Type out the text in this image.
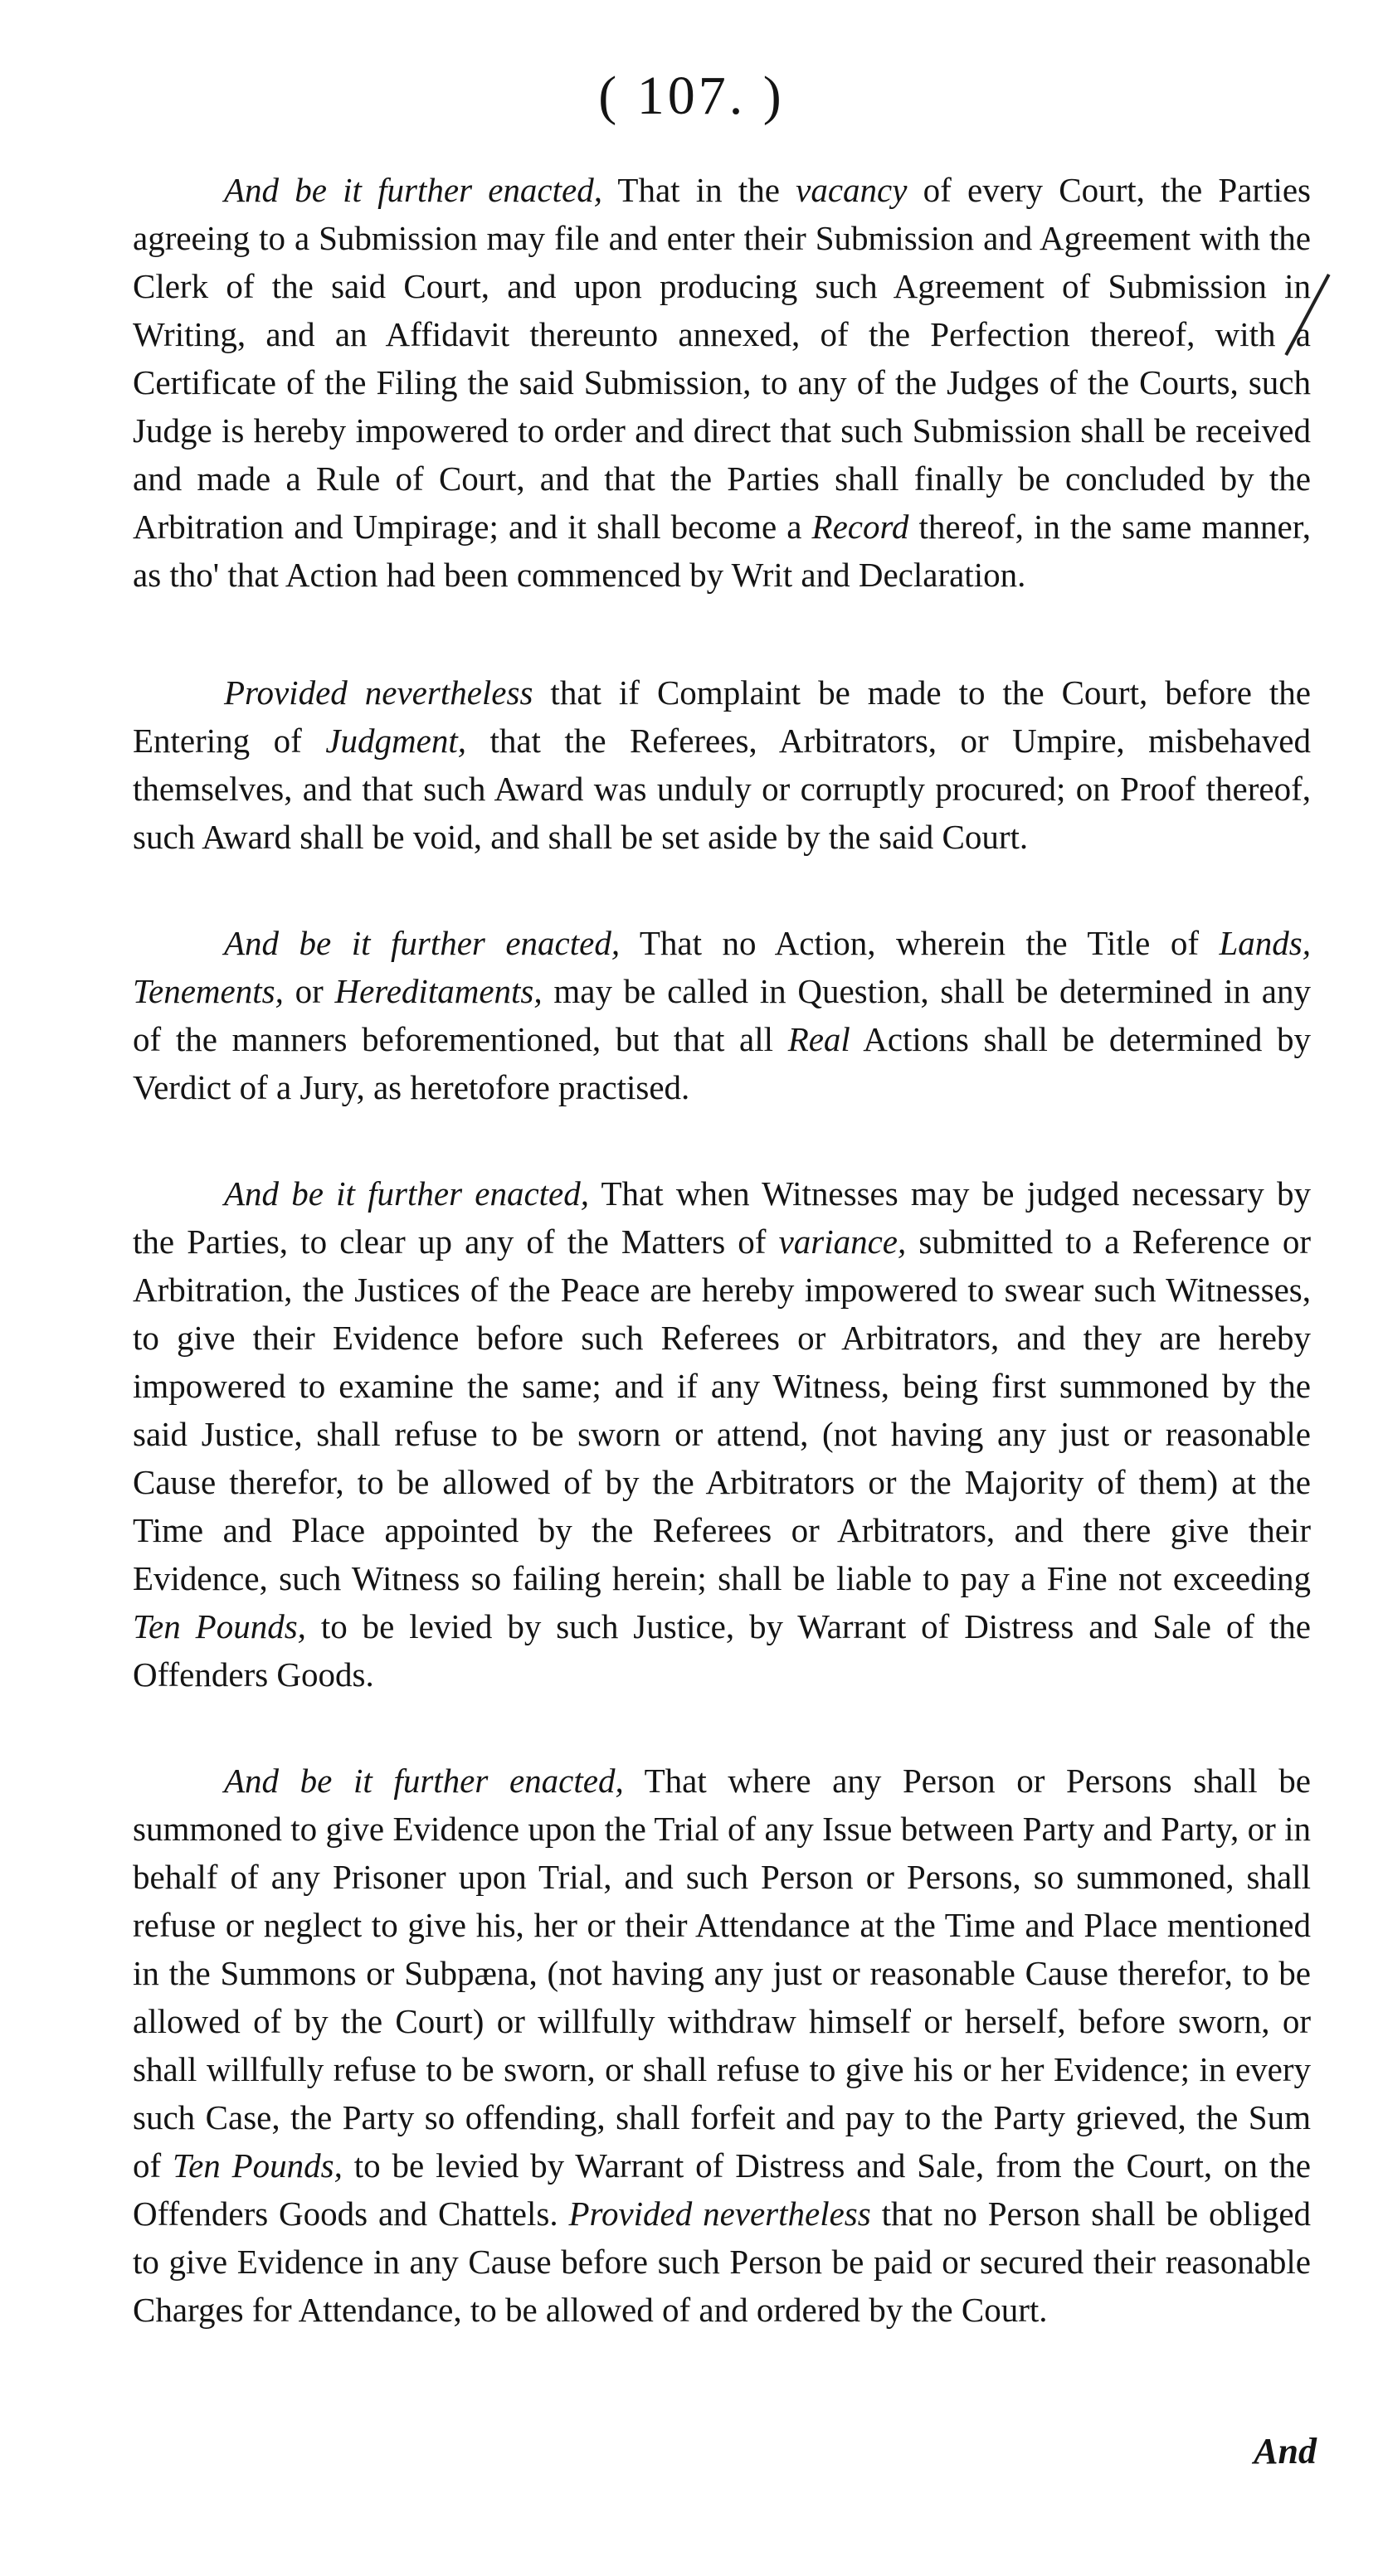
( 107. )

And be it further enacted, That in the vacancy of every Court, the Parties agreeing to a Submission may file and enter their Submission and Agreement with the Clerk of the said Court, and upon producing such Agreement of Submission in Writing, and an Affidavit thereunto annexed, of the Perfection thereof, with a Certificate of the Filing the said Submission, to any of the Judges of the Courts, such Judge is hereby impowered to order and direct that such Submission shall be received and made a Rule of Court, and that the Parties shall finally be concluded by the Arbitration and Umpirage; and it shall become a Record thereof, in the same manner, as tho' that Action had been commenced by Writ and Declaration.

Provided nevertheless that if Complaint be made to the Court, before the Entering of Judgment, that the Referees, Arbitrators, or Umpire, misbehaved themselves, and that such Award was unduly or corruptly procured; on Proof thereof, such Award shall be void, and shall be set aside by the said Court.

And be it further enacted, That no Action, wherein the Title of Lands, Tenements, or Hereditaments, may be called in Question, shall be determined in any of the manners beforementioned, but that all Real Actions shall be determined by Verdict of a Jury, as heretofore practised.

And be it further enacted, That when Witnesses may be judged necessary by the Parties, to clear up any of the Matters of variance, submitted to a Reference or Arbitration, the Justices of the Peace are hereby impowered to swear such Witnesses, to give their Evidence before such Referees or Arbitrators, and they are hereby impowered to examine the same; and if any Witness, being first summoned by the said Justice, shall refuse to be sworn or attend, (not having any just or reasonable Cause therefor, to be allowed of by the Arbitrators or the Majority of them) at the Time and Place appointed by the Referees or Arbitrators, and there give their Evidence, such Witness so failing herein; shall be liable to pay a Fine not exceeding Ten Pounds, to be levied by such Justice, by Warrant of Distress and Sale of the Offenders Goods.

And be it further enacted, That where any Person or Persons shall be summoned to give Evidence upon the Trial of any Issue between Party and Party, or in behalf of any Prisoner upon Trial, and such Person or Persons, so summoned, shall refuse or neglect to give his, her or their Attendance at the Time and Place mentioned in the Summons or Subpæna, (not having any just or reasonable Cause therefor, to be allowed of by the Court) or willfully withdraw himself or herself, before sworn, or shall willfully refuse to be sworn, or shall refuse to give his or her Evidence; in every such Case, the Party so offending, shall forfeit and pay to the Party grieved, the Sum of Ten Pounds, to be levied by Warrant of Distress and Sale, from the Court, on the Offenders Goods and Chattels. Provided nevertheless that no Person shall be obliged to give Evidence in any Cause before such Person be paid or secured their reasonable Charges for Attendance, to be allowed of and ordered by the Court.

And
